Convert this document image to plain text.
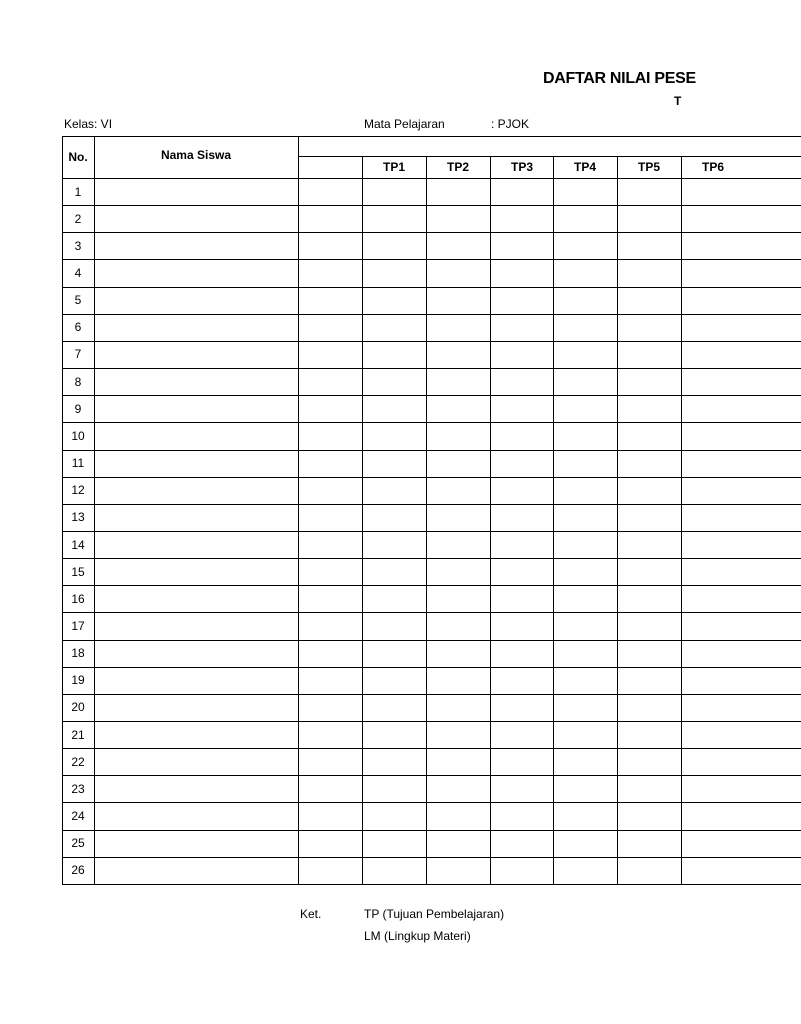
DAFTAR NILAI PESE
T
Kelas: VI	Mata Pelajaran	: PJOK
No.	Nama Siswa
TP1	TP2	TP3	TP4	TP5	TP6
1
2
3
4
5
6
7
8
9
10
11
12
13
14
15
16
17
18
19
20
21
22
23
24
25
26
Ket.	TP (Tujuan Pembelajaran)
LM (Lingkup Materi)
